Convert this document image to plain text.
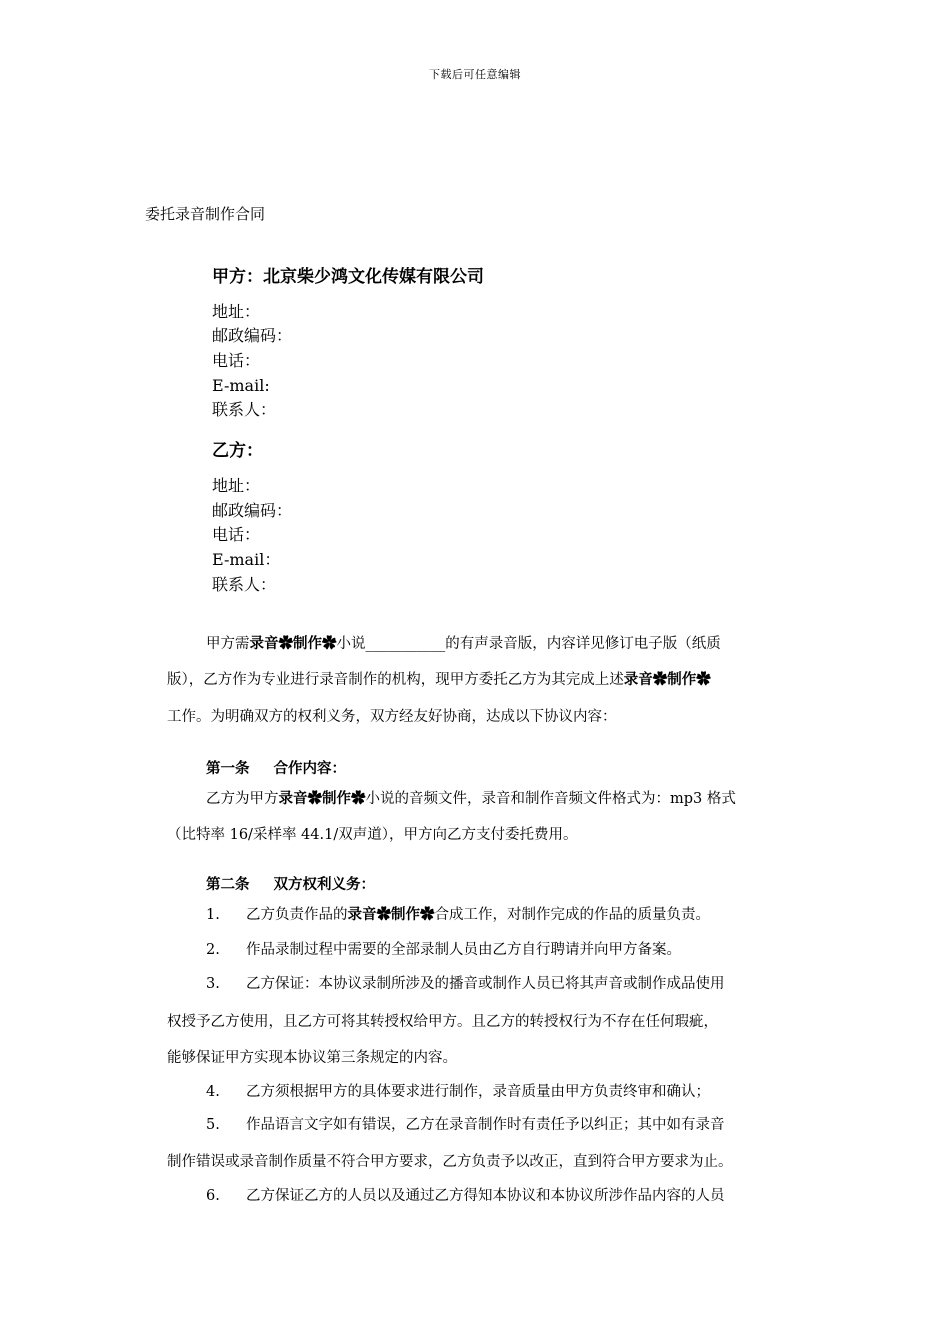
下载后可任意编辑
委托录音制作合同
甲方：北京柴少鸿文化传媒有限公司
地址：
邮政编码：
电话：
E-mail:
联系人：
乙方：
地址：
邮政编码：
电话：
E-mail：
联系人：
甲方需录音✿制作✿小说___________的有声录音版，内容详见修订电子版（纸质
版），乙方作为专业进行录音制作的机构，现甲方委托乙方为其完成上述录音✿制作✿
工作。为明确双方的权利义务，双方经友好协商，达成以下协议内容：
第一条 合作内容：
乙方为甲方录音✿制作✿小说的音频文件，录音和制作音频文件格式为：mp3 格式
（比特率 16/采样率 44.1/双声道），甲方向乙方支付委托费用。
第二条 双方权利义务：
1. 乙方负责作品的录音✿制作✿合成工作，对制作完成的作品的质量负责。
2. 作品录制过程中需要的全部录制人员由乙方自行聘请并向甲方备案。
3. 乙方保证：本协议录制所涉及的播音或制作人员已将其声音或制作成品使用
权授予乙方使用，且乙方可将其转授权给甲方。且乙方的转授权行为不存在任何瑕疵，
能够保证甲方实现本协议第三条规定的内容。
4. 乙方须根据甲方的具体要求进行制作，录音质量由甲方负责终审和确认；
5. 作品语言文字如有错误，乙方在录音制作时有责任予以纠正；其中如有录音
制作错误或录音制作质量不符合甲方要求，乙方负责予以改正，直到符合甲方要求为止。
6. 乙方保证乙方的人员以及通过乙方得知本协议和本协议所涉作品内容的人员
